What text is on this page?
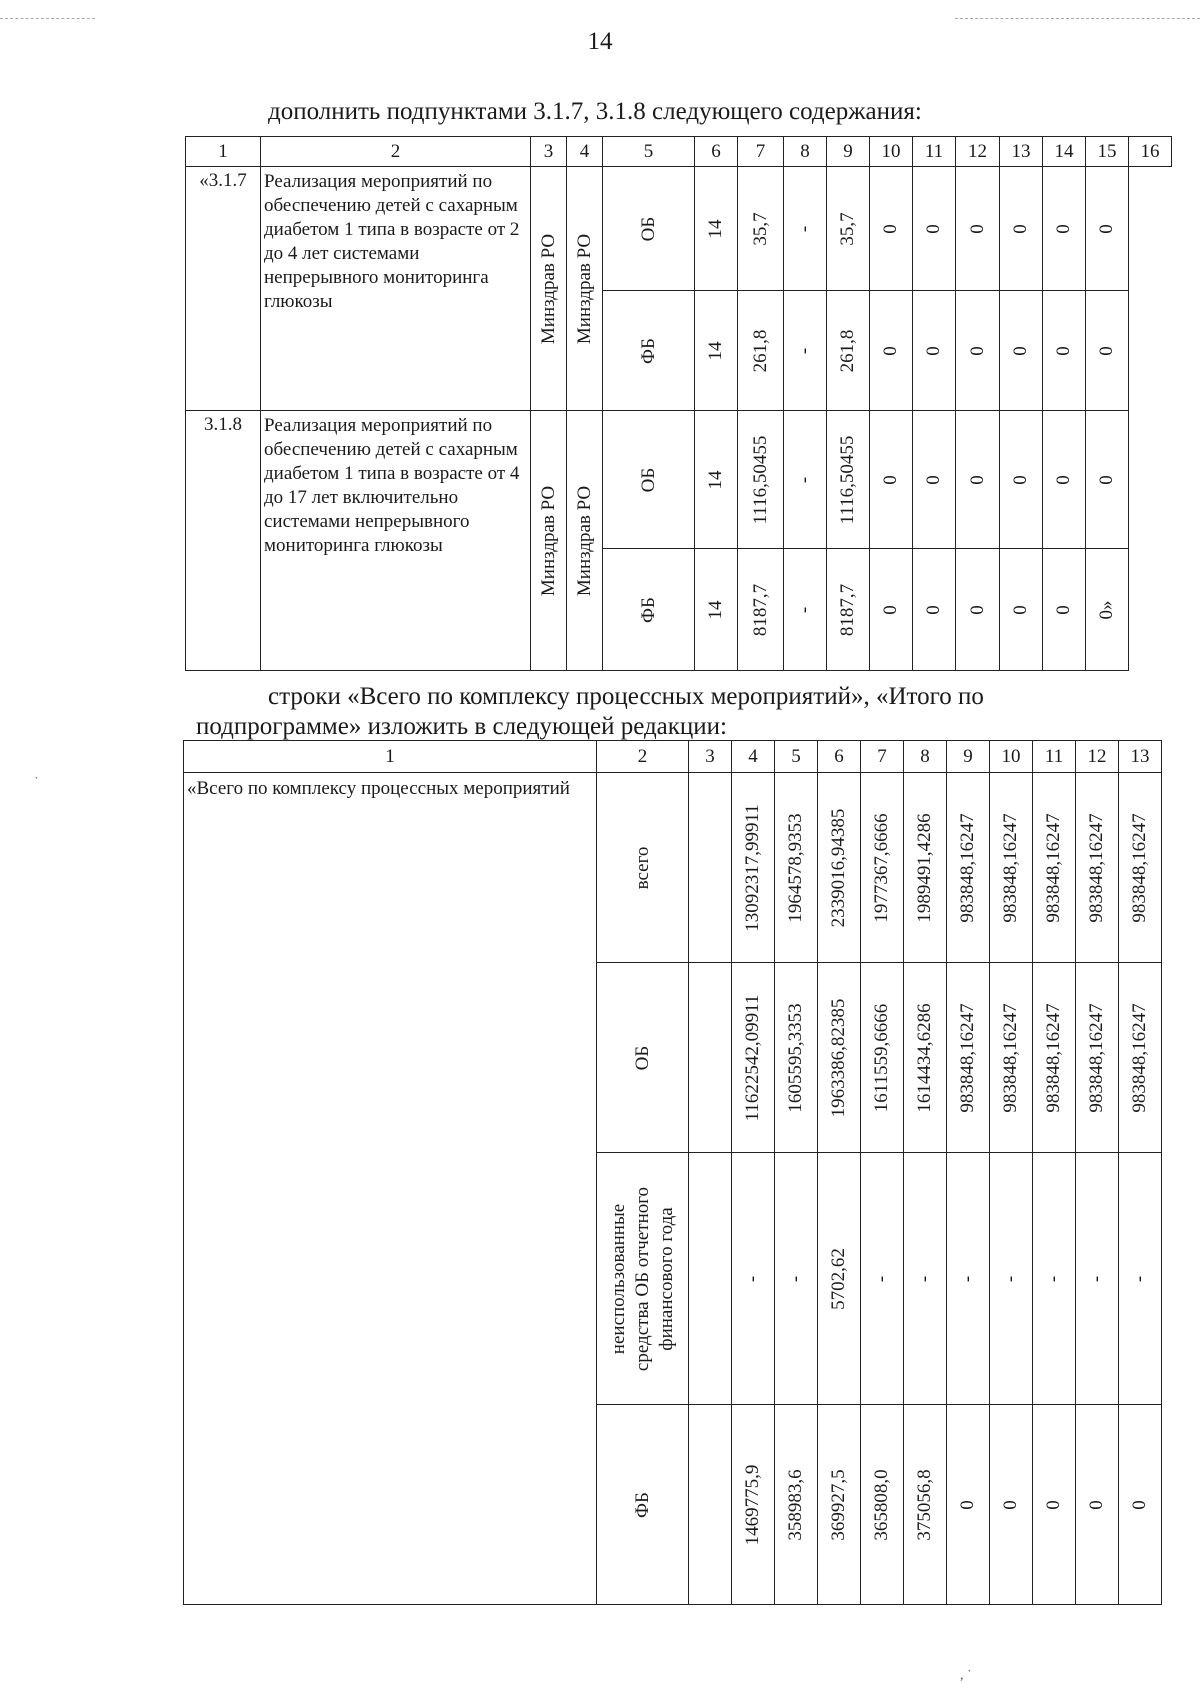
14
˙
, ˙
дополнить подпунктами 3.1.7, 3.1.8 следующего содержания:
1	2	3	4	5	6	7	8	9	10	11	12	13	14	15	16
«3.1.7	Реализация мероприятий по обеспечению детей с сахарным диабетом 1 типа в возрасте от 2 до 4 лет системами непрерывного мониторинга глюкозы	Минздрав РО	Минздрав РО	ОБ	14	35,7	-	35,7	0	0	0	0	0	0	

				ФБ	14	261,8	-	261,8	0	0	0	0	0	0	

3.1.8	Реализация мероприятий по обеспечению детей с сахарным диабетом 1 типа в возрасте от 4 до 17 лет включительно системами непрерывного мониторинга глюкозы	Минздрав РО	Минздрав РО	ОБ	14	1116,50455	-	1116,50455	0	0	0	0	0	0	

				ФБ	14	8187,7	-	8187,7	0	0	0	0	0	0»	
строки «Всего по комплексу процессных мероприятий», «Итого по
подпрограмме» изложить в следующей редакции:
1	2	3	4	5	6	7	8	9	10	11	12	13
«Всего по комплексу процессных мероприятий	всего		13092317,99911	1964578,9353	2339016,94385	1977367,6666	1989491,4286	983848,16247	983848,16247	983848,16247	983848,16247	983848,16247

	ОБ		11622542,09911	1605595,3353	1963386,82385	1611559,6666	1614434,6286	983848,16247	983848,16247	983848,16247	983848,16247	983848,16247

	неиспользованные средства ОБ отчетного финансового года		-	-	5702,62	-	-	-	-	-	-	-

	ФБ		1469775,9	358983,6	369927,5	365808,0	375056,8	0	0	0	0	0
